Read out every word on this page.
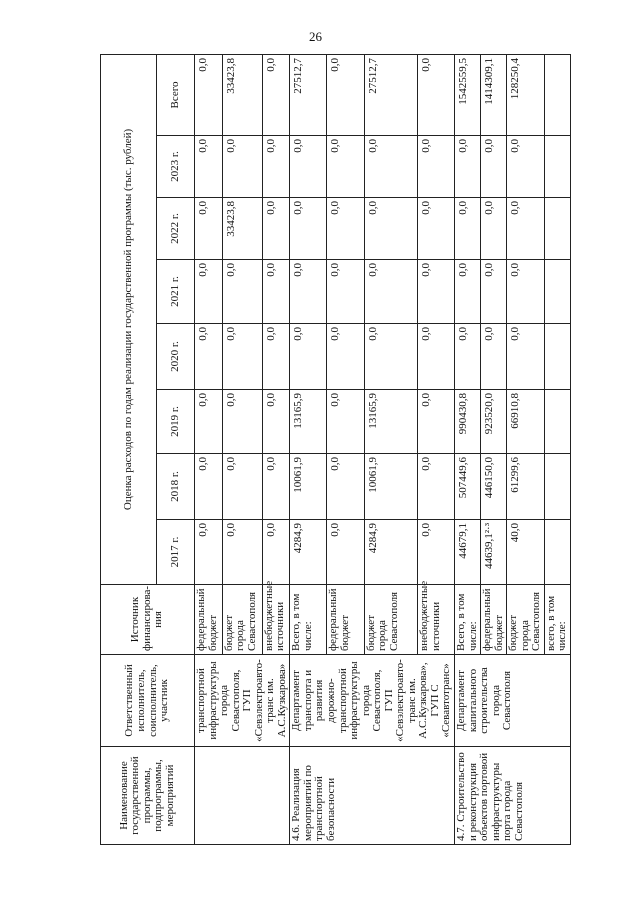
26
Наименование государственной программы, подпрограммы, мероприятий	Ответственный исполнитель, соисполнитель, участник	Источник финансирова-ния	Оценка расходов по годам реализации государственной программы (тыс. рублей)							
			2017 г.	2018 г.	2019 г.	2020 г.	2021 г.	2022 г.	2023 г.	Всего
	транспортной инфраструктуры города Севастополя, ГУП «Севэлектроавто-транс им. А.С.Кузкарова»	федеральный бюджет	0,0	0,0	0,0	0,0	0,0	0,0	0,0	0,0
		бюджет города Севастополя	0,0	0,0	0,0	0,0	0,0	33423,8	0,0	33423,8
		внебюджетные источники	0,0	0,0	0,0	0,0	0,0	0,0	0,0	0,0
4.6. Реализация мероприятий по транспортной безопасности	Департамент транспорта и развития дорожно-транспортной инфраструктуры города Севастополя, ГУП «Севэлектроавто-транс им. А.С.Кузкарова», ГУП С «Севавтотранс»	Всего, в том числе:	4284,9	10061,9	13165,9	0,0	0,0	0,0	0,0	27512,7
		федеральный бюджет	0,0	0,0	0,0	0,0	0,0	0,0	0,0	0,0
		бюджет города Севастополя	4284,9	10061,9	13165,9	0,0	0,0	0,0	0,0	27512,7
		внебюджетные источники	0,0	0,0	0,0	0,0	0,0	0,0	0,0	0,0
4.7. Строительство и реконструкция объектов портовой инфраструктуры порта города Севастополя	Департамент капитального строительства города Севастополя	Всего, в том числе:	44679,1	507449,6	990430,8	0,0	0,0	0,0	0,0	1542559,5
		федеральный бюджет	44639,1²·³	446150,0	923520,0	0,0	0,0	0,0	0,0	1414309,1
		бюджет города Севастополя	40,0	61299,6	66910,8	0,0	0,0	0,0	0,0	128250,4
		всего, в том числе:								
